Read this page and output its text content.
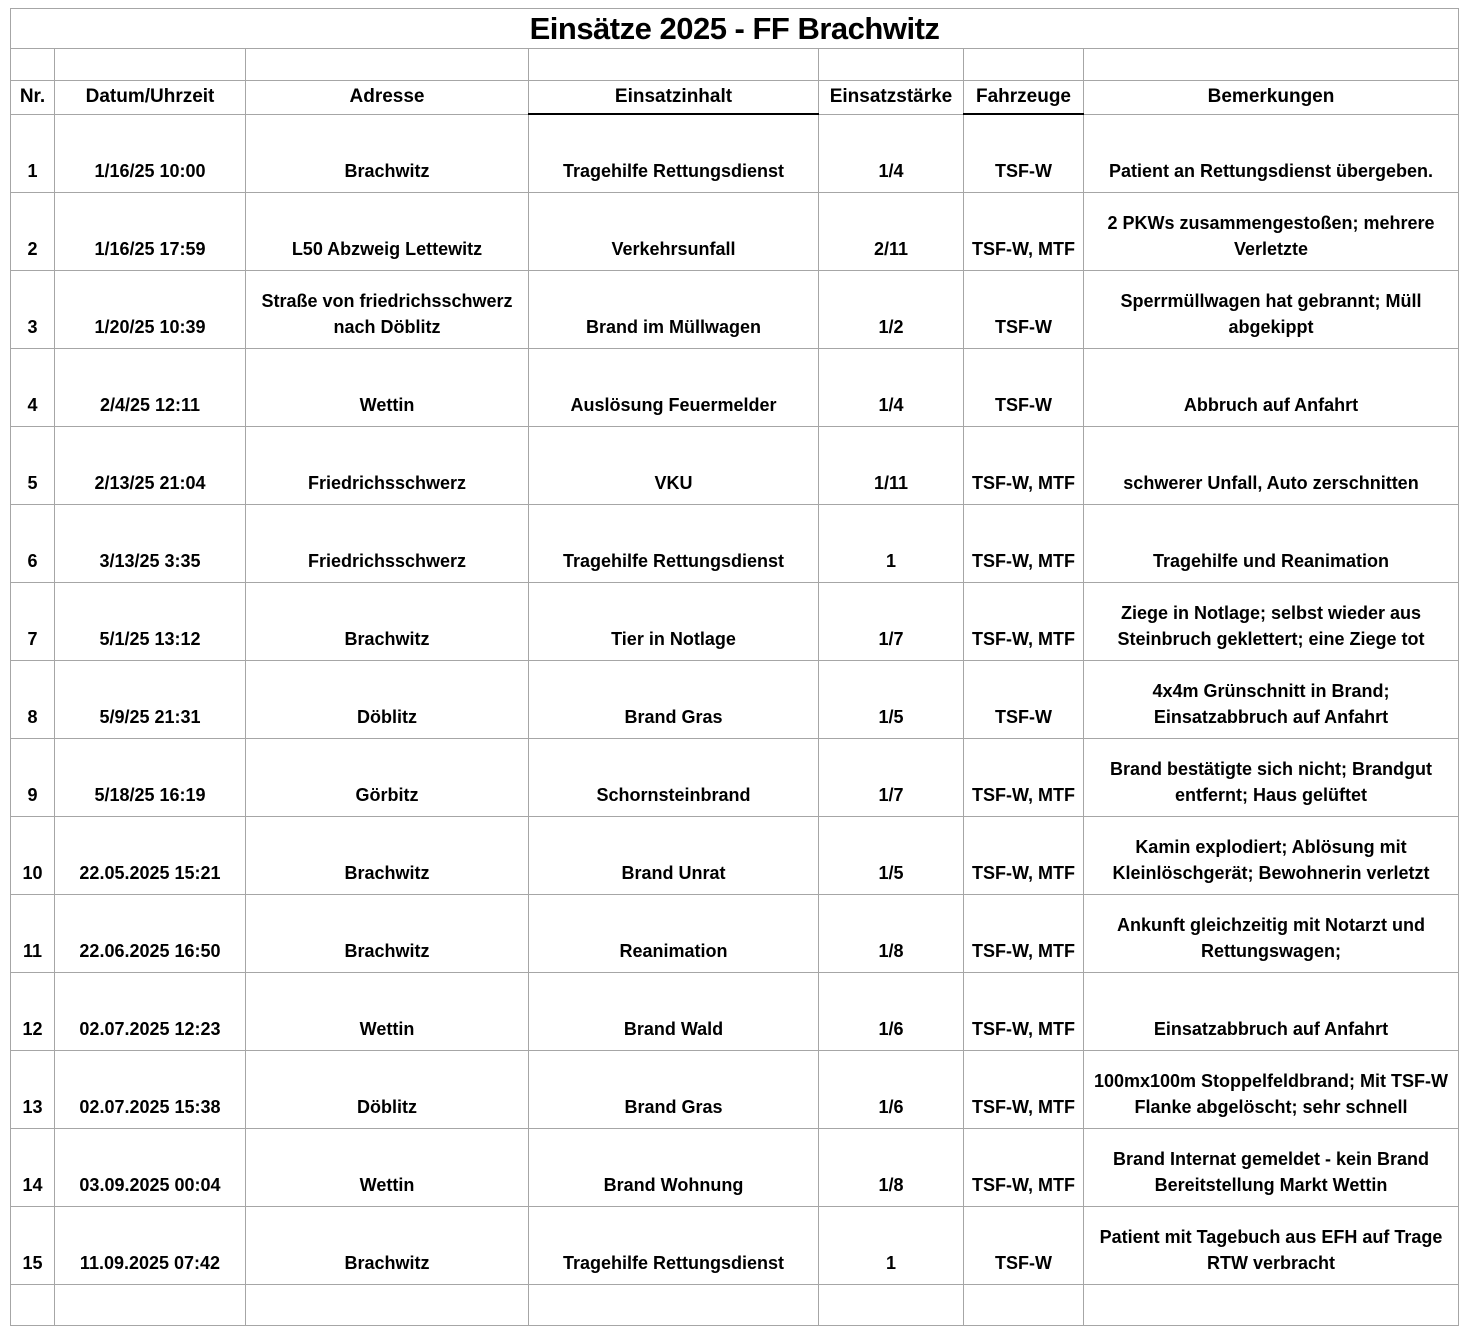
Einsätze 2025 - FF Brachwitz						

Nr.	Datum/Uhrzeit	Adresse	Einsatzinhalt	Einsatzstärke	Fahrzeuge	Bemerkungen
1	1/16/25 10:00	Brachwitz	Tragehilfe Rettungsdienst	1/4	TSF-W	Patient an Rettungsdienst übergeben.
2	1/16/25 17:59	L50 Abzweig Lettewitz	Verkehrsunfall	2/11	TSF-W, MTF	2 PKWs zusammengestoßen; mehrere Verletzte
3	1/20/25 10:39	Straße von friedrichsschwerz nach Döblitz	Brand im Müllwagen	1/2	TSF-W	Sperrmüllwagen hat gebrannt; Müll abgekippt
4	2/4/25 12:11	Wettin	Auslösung Feuermelder	1/4	TSF-W	Abbruch auf Anfahrt
5	2/13/25 21:04	Friedrichsschwerz	VKU	1/11	TSF-W, MTF	schwerer Unfall, Auto zerschnitten
6	3/13/25 3:35	Friedrichsschwerz	Tragehilfe Rettungsdienst	1	TSF-W, MTF	Tragehilfe und Reanimation
7	5/1/25 13:12	Brachwitz	Tier in Notlage	1/7	TSF-W, MTF	Ziege in Notlage; selbst wieder aus Steinbruch geklettert; eine Ziege tot
8	5/9/25 21:31	Döblitz	Brand Gras	1/5	TSF-W	4x4m Grünschnitt in Brand; Einsatzabbruch auf Anfahrt
9	5/18/25 16:19	Görbitz	Schornsteinbrand	1/7	TSF-W, MTF	Brand bestätigte sich nicht; Brandgut entfernt; Haus gelüftet
10	22.05.2025 15:21	Brachwitz	Brand Unrat	1/5	TSF-W, MTF	Kamin explodiert; Ablösung mit Kleinlöschgerät; Bewohnerin verletzt
11	22.06.2025 16:50	Brachwitz	Reanimation	1/8	TSF-W, MTF	Ankunft gleichzeitig mit Notarzt und Rettungswagen;
12	02.07.2025 12:23	Wettin	Brand Wald	1/6	TSF-W, MTF	Einsatzabbruch auf Anfahrt
13	02.07.2025 15:38	Döblitz	Brand Gras	1/6	TSF-W, MTF	100mx100m Stoppelfeldbrand; Mit TSF-W Flanke abgelöscht; sehr schnell
14	03.09.2025 00:04	Wettin	Brand Wohnung	1/8	TSF-W, MTF	Brand Internat gemeldet - kein Brand Bereitstellung Markt Wettin
15	11.09.2025 07:42	Brachwitz	Tragehilfe Rettungsdienst	1	TSF-W	Patient mit Tagebuch aus EFH auf Trage RTW verbracht
